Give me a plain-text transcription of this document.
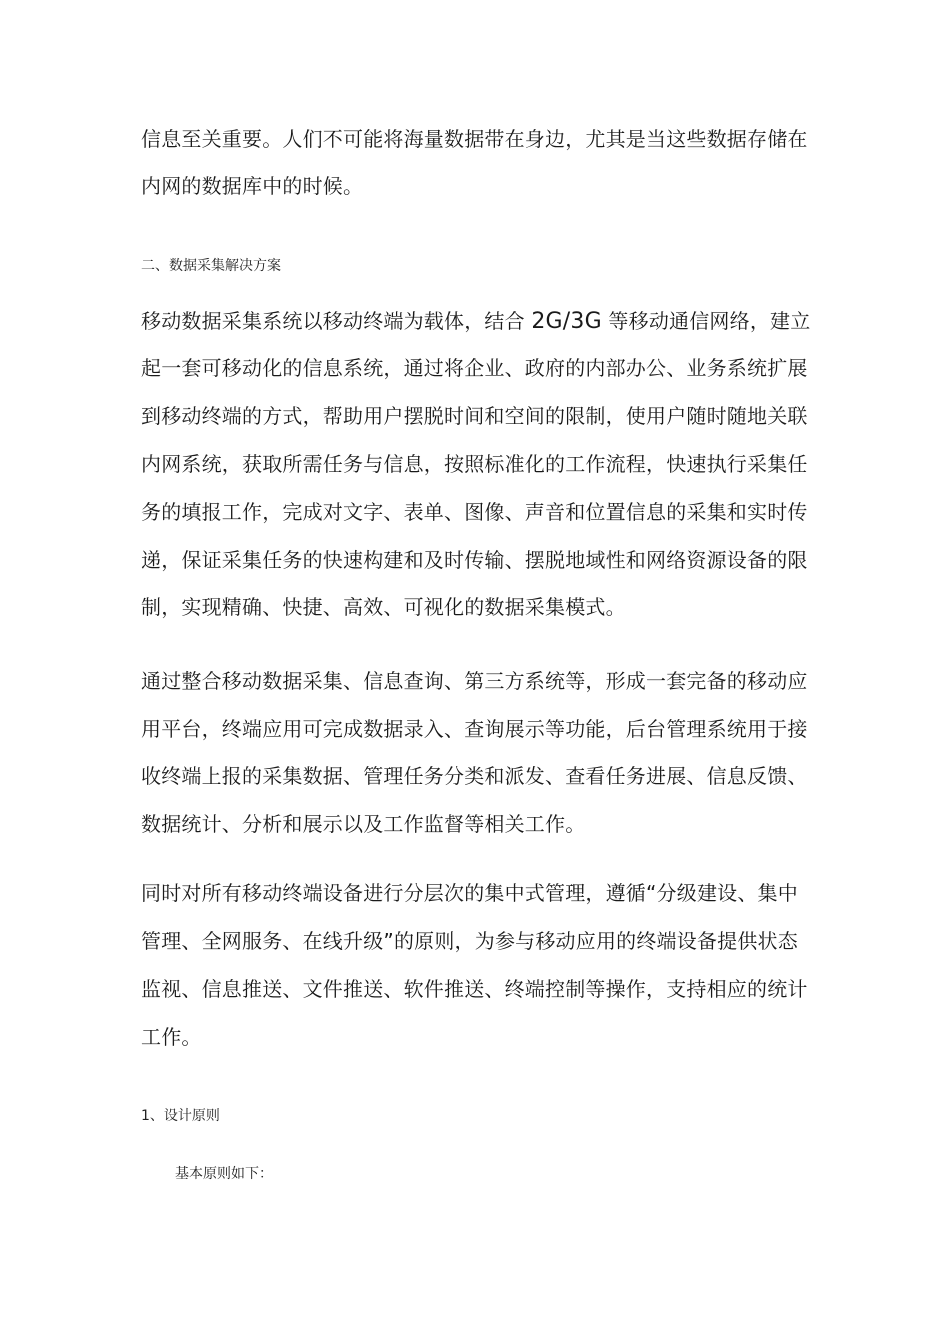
信息至关重要。人们不可能将海量数据带在身边，尤其是当这些数据存储在
内网的数据库中的时候。
二、数据采集解决方案
移动数据采集系统以移动终端为载体，结合 2G/3G 等移动通信网络，建立
起一套可移动化的信息系统，通过将企业、政府的内部办公、业务系统扩展
到移动终端的方式，帮助用户摆脱时间和空间的限制，使用户随时随地关联
内网系统，获取所需任务与信息，按照标准化的工作流程，快速执行采集任
务的填报工作，完成对文字、表单、图像、声音和位置信息的采集和实时传
递，保证采集任务的快速构建和及时传输、摆脱地域性和网络资源设备的限
制，实现精确、快捷、高效、可视化的数据采集模式。
通过整合移动数据采集、信息查询、第三方系统等，形成一套完备的移动应
用平台，终端应用可完成数据录入、查询展示等功能，后台管理系统用于接
收终端上报的采集数据、管理任务分类和派发、查看任务进展、信息反馈、
数据统计、分析和展示以及工作监督等相关工作。
同时对所有移动终端设备进行分层次的集中式管理，遵循“分级建设、集中
管理、全网服务、在线升级”的原则，为参与移动应用的终端设备提供状态
监视、信息推送、文件推送、软件推送、终端控制等操作，支持相应的统计
工作。
1、设计原则
基本原则如下：
